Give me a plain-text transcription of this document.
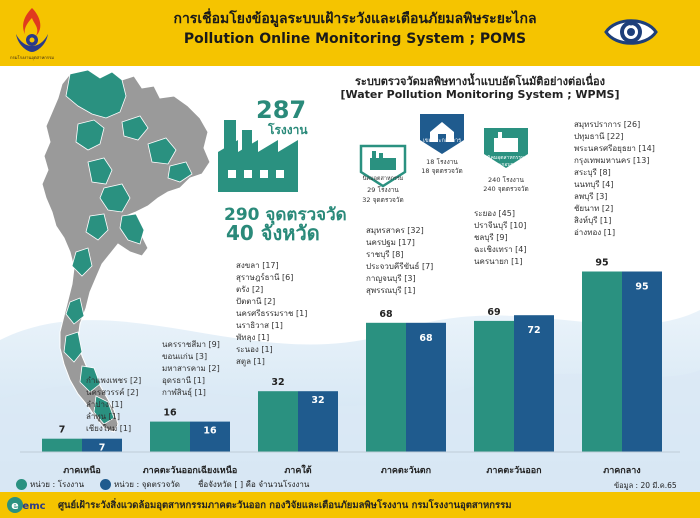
กรมโรงงานอุตสาหกรรม
การเชื่อมโยงข้อมูลระบบเฝ้าระวังและเตือนภัยมลพิษระยะไกล
Pollution Online Monitoring System ; POMS
ระบบตรวจวัดมลพิษทางน้ำแบบอัตโนมัติอย่างต่อเนื่อง
[Water Pollution Monitoring System ; WPMS]
287
โรงงาน
290 จุดตรวจวัด
40 จังหวัด
นิคมอุตสาหกรรม
29 โรงงาน
32 จุดตรวจวัด
เขตประกอบการ
18 โรงงาน
18 จุดตรวจวัด
นอกนิคมอุตสาหกรรม เขตประกอบการ
240 โรงงาน
240 จุดตรวจวัด
กำแพงเพชร [2]
นครสวรรค์ [2]
ลำปาง [1]
ลำพูน [1]
เชียงใหม่ [1]
นครราชสีมา [9]
ขอนแก่น [3]
มหาสารคาม [2]
อุดรธานี [1]
กาฬสินธุ์ [1]
สงขลา [17]
สุราษฎร์ธานี [6]
ตรัง [2]
ปัตตานี [2]
นครศรีธรรมราช [1]
นราธิวาส [1]
พัทลุง [1]
ระนอง [1]
สตูล [1]
สมุทรสาคร [32]
นครปฐม [17]
ราชบุรี [8]
ประจวบคีรีขันธ์ [7]
กาญจนบุรี [3]
สุพรรณบุรี [1]
ระยอง [45]
ปราจีนบุรี [10]
ชลบุรี [9]
ฉะเชิงเทรา [4]
นครนายก [1]
สมุทรปราการ [26]
ปทุมธานี [22]
พระนครศรีอยุธยา [14]
กรุงเทพมหานคร [13]
สระบุรี [8]
นนทบุรี [4]
ลพบุรี [3]
ชัยนาท [2]
สิงห์บุรี [1]
อ่างทอง [1]
7
7
16
16
32
32
68
68
69
72
95
95
ภาคเหนือ	ภาคตะวันออกเฉียงเหนือ	ภาคใต้	ภาคตะวันตก	ภาคตะวันออก	ภาคกลาง
หน่วย : โรงงาน	หน่วย : จุดตรวจวัด ชื่อจังหวัด [ ] คือ จำนวนโรงงาน	ข้อมูล : 20 มี.ค.65
e emc ศูนย์เฝ้าระวังสิ่งแวดล้อมอุตสาหกรรมภาคตะวันออก กองวิจัยและเตือนภัยมลพิษโรงงาน กรมโรงงานอุตสาหกรรม
